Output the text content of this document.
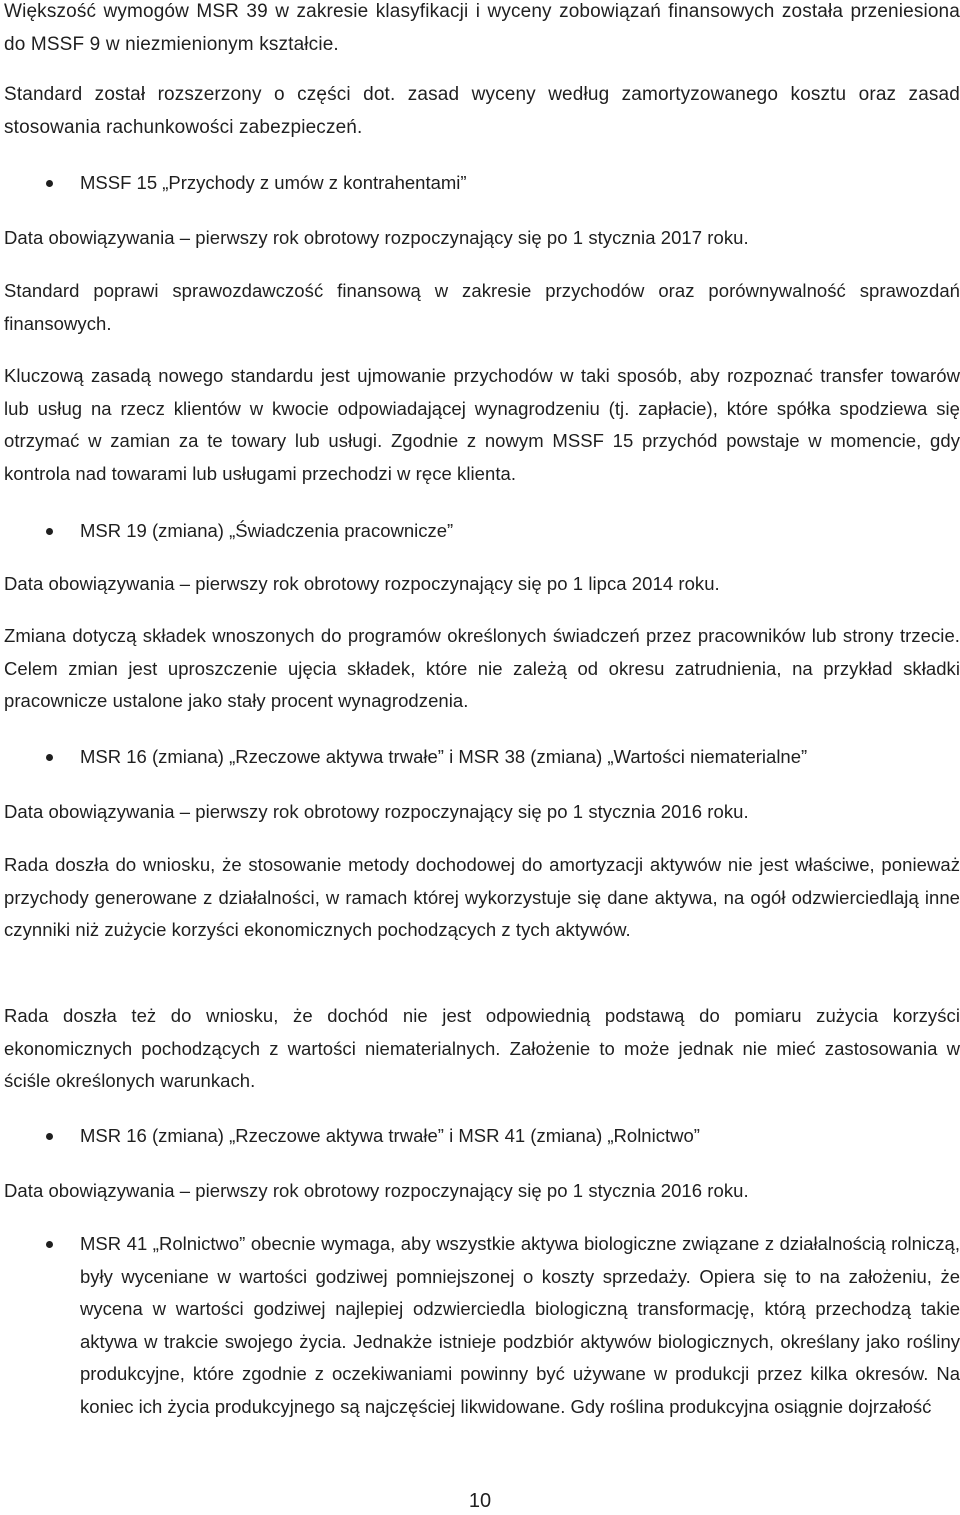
Większość wymogów MSR 39 w zakresie klasyfikacji i wyceny zobowiązań finansowych została przeniesiona do MSSF 9 w niezmienionym kształcie.

Standard został rozszerzony o części dot. zasad wyceny według zamortyzowanego kosztu oraz zasad stosowania rachunkowości zabezpieczeń.

MSSF 15 „Przychody z umów z kontrahentami”

Data obowiązywania – pierwszy rok obrotowy rozpoczynający się po 1 stycznia 2017 roku.

Standard poprawi sprawozdawczość finansową w zakresie przychodów oraz porównywalność sprawozdań finansowych.

Kluczową zasadą nowego standardu jest ujmowanie przychodów w taki sposób, aby rozpoznać transfer towarów lub usług na rzecz klientów w kwocie odpowiadającej wynagrodzeniu (tj. zapłacie), które spółka spodziewa się otrzymać w zamian za te towary lub usługi. Zgodnie z nowym MSSF 15 przychód powstaje w momencie, gdy kontrola nad towarami lub usługami przechodzi w ręce klienta.

MSR 19 (zmiana) „Świadczenia pracownicze”

Data obowiązywania – pierwszy rok obrotowy rozpoczynający się po 1 lipca 2014 roku.

Zmiana dotyczą składek wnoszonych do programów określonych świadczeń przez pracowników lub strony trzecie. Celem zmian jest uproszczenie ujęcia składek, które nie zależą od okresu zatrudnienia, na przykład składki pracownicze ustalone jako stały procent wynagrodzenia.

MSR 16 (zmiana) „Rzeczowe aktywa trwałe” i MSR 38 (zmiana) „Wartości niematerialne”

Data obowiązywania – pierwszy rok obrotowy rozpoczynający się po 1 stycznia 2016 roku.

Rada doszła do wniosku, że stosowanie metody dochodowej do amortyzacji aktywów nie jest właściwe, ponieważ przychody generowane z działalności, w ramach której wykorzystuje się dane aktywa, na ogół odzwierciedlają inne czynniki niż zużycie korzyści ekonomicznych pochodzących z tych aktywów.

Rada doszła też do wniosku, że dochód nie jest odpowiednią podstawą do pomiaru zużycia korzyści ekonomicznych pochodzących z wartości niematerialnych. Założenie to może jednak nie mieć zastosowania w ściśle określonych warunkach.

MSR 16 (zmiana) „Rzeczowe aktywa trwałe” i MSR 41 (zmiana) „Rolnictwo”

Data obowiązywania – pierwszy rok obrotowy rozpoczynający się po 1 stycznia 2016 roku.

MSR 41 „Rolnictwo” obecnie wymaga, aby wszystkie aktywa biologiczne związane z działalnością rolniczą, były wyceniane w wartości godziwej pomniejszonej o koszty sprzedaży. Opiera się to na założeniu, że wycena w wartości godziwej najlepiej odzwierciedla biologiczną transformację, którą przechodzą takie aktywa w trakcie swojego życia. Jednakże istnieje podzbiór aktywów biologicznych, określany jako rośliny produkcyjne, które zgodnie z oczekiwaniami powinny być używane w produkcji przez kilka okresów. Na koniec ich życia produkcyjnego są najczęściej likwidowane. Gdy roślina produkcyjna osiągnie dojrzałość

10
